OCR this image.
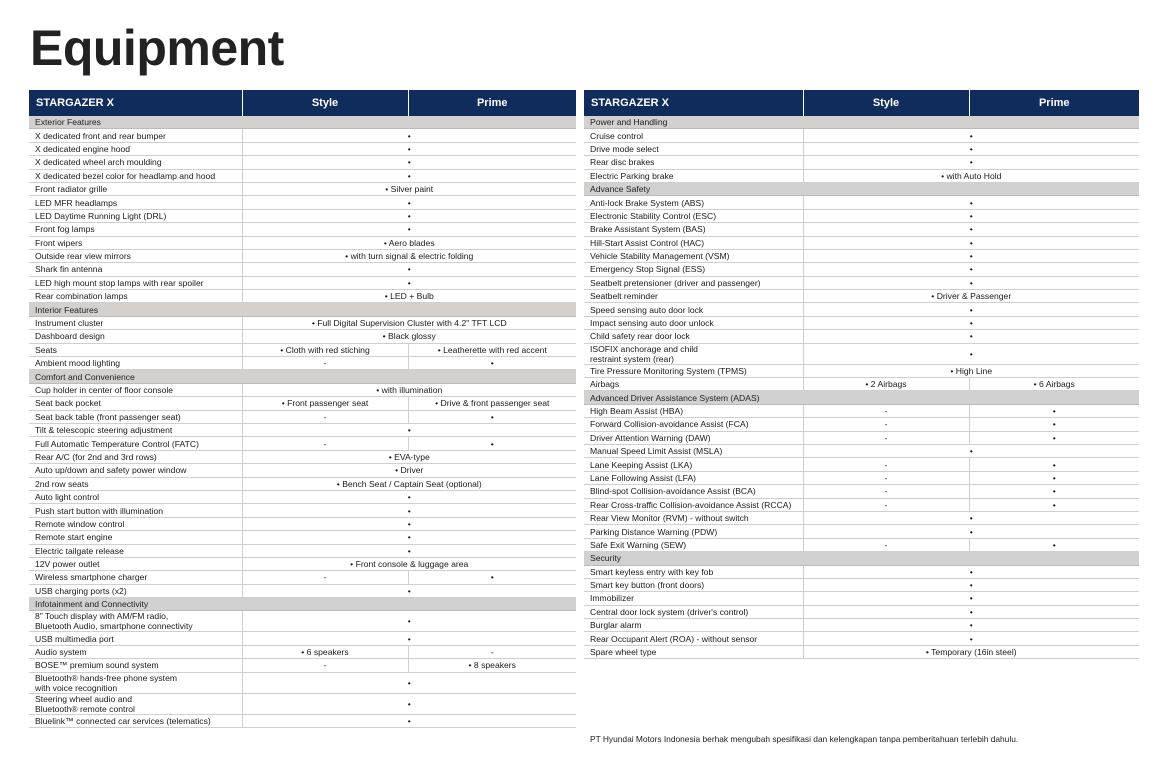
Equipment
STARGAZER X	Style	Prime
Exterior Features		
X dedicated front and rear bumper	•	
X dedicated engine hood	•	
X dedicated wheel arch moulding	•	
X dedicated bezel color for headlamp and hood	•	
Front radiator grille	• Silver paint	
LED MFR headlamps	•	
LED Daytime Running Light (DRL)	•	
Front fog lamps	•	
Front wipers	• Aero blades	
Outside rear view mirrors	• with turn signal & electric folding	
Shark fin antenna	•	
LED high mount stop lamps with rear spoiler	•	
Rear combination lamps	• LED + Bulb	
Interior Features		
Instrument cluster	• Full Digital Supervision Cluster with 4.2" TFT LCD	
Dashboard design	• Black glossy	
Seats	• Cloth with red stiching	• Leatherette with red accent
Ambient mood lighting	-	•
Comfort and Convenience		
Cup holder in center of floor console	• with illumination	
Seat back pocket	• Front passenger seat	• Drive & front passenger seat
Seat back table (front passenger seat)	-	•
Tilt & telescopic steering adjustment	•	
Full Automatic Temperature Control (FATC)	-	•
Rear A/C (for 2nd and 3rd rows)	• EVA-type	
Auto up/down and safety power window	• Driver	
2nd row seats	• Bench Seat / Captain Seat (optional)	
Auto light control	•	
Push start button with illumination	•	
Remote window control	•	
Remote start engine	•	
Electric tailgate release	•	
12V power outlet	• Front console & luggage area	
Wireless smartphone charger	-	•
USB charging ports (x2)	•	
Infotainment and Connectivity		
8" Touch display with AM/FM radio,
Bluetooth Audio, smartphone connectivity	•	
USB multimedia port	•	
Audio system	• 6 speakers	-
BOSE™ premium sound system	-	• 8 speakers
Bluetooth® hands-free phone system
with voice recognition	•	
Steering wheel audio and
Bluetooth® remote control	•	
Bluelink™ connected car services (telematics)	•	
STARGAZER X	Style	Prime
Power and Handling		
Cruise control	•	
Drive mode select	•	
Rear disc brakes	•	
Electric Parking brake	• with Auto Hold	
Advance Safety		
Anti-lock Brake System (ABS)	•	
Electronic Stability Control (ESC)	•	
Brake Assistant System (BAS)	•	
Hill-Start Assist Control (HAC)	•	
Vehicle Stability Management (VSM)	•	
Emergency Stop Signal (ESS)	•	
Seatbelt pretensioner (driver and passenger)	•	
Seatbelt reminder	• Driver & Passenger	
Speed sensing auto door lock	•	
Impact sensing auto door unlock	•	
Child safety rear door lock	•	
ISOFIX anchorage and child
restraint system (rear)	•	
Tire Pressure Monitoring System (TPMS)	• High Line	
Airbags	• 2 Airbags	• 6 Airbags
Advanced Driver Assistance System (ADAS)		
High Beam Assist (HBA)	-	•
Forward Collision-avoidance Assist (FCA)	-	•
Driver Attention Warning (DAW)	-	•
Manual Speed Limit Assist (MSLA)	•	
Lane Keeping Assist (LKA)	-	•
Lane Following Assist (LFA)	-	•
Blind-spot Collision-avoidance Assist (BCA)	-	•
Rear Cross-traffic Collision-avoidance Assist (RCCA)	-	•
Rear View Monitor (RVM) - without switch	•	
Parking Distance Warning (PDW)	•	
Safe Exit Warning (SEW)	-	•
Security		
Smart keyless entry with key fob	•	
Smart key button (front doors)	•	
Immobilizer	•	
Central door lock system (driver's control)	•	
Burglar alarm	•	
Rear Occupant Alert (ROA) - without sensor	•	
Spare wheel type	• Temporary (16in steel)	

PT Hyundai Motors Indonesia berhak mengubah spesifikasi dan kelengkapan tanpa pemberitahuan terlebih dahulu.
